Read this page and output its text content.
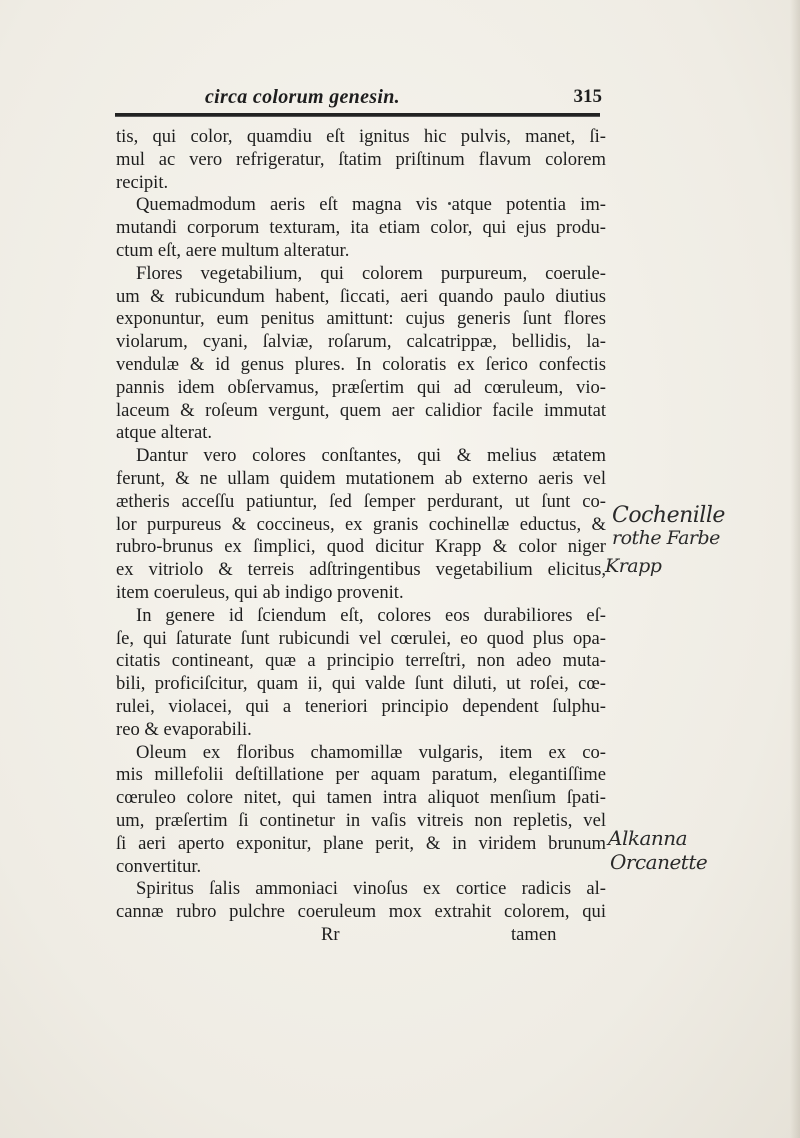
circa colorum genesin.	315
tis, qui color, quamdiu eſt ignitus hic pulvis, manet, ſi-
mul ac vero refrigeratur, ſtatim priſtinum flavum colorem
recipit.
Quemadmodum aeris eſt magna vis atque potentia im-
mutandi corporum texturam, ita etiam color, qui ejus produ-
ctum eſt, aere multum alteratur.
Flores vegetabilium, qui colorem purpureum, coerule-
um & rubicundum habent, ſiccati, aeri quando paulo diutius
exponuntur, eum penitus amittunt: cujus generis ſunt flores
violarum, cyani, ſalviæ, roſarum, calcatrippæ, bellidis, la-
vendulæ & id genus plures. In coloratis ex ſerico confectis
pannis idem obſervamus, præſertim qui ad cœruleum, vio-
laceum & roſeum vergunt, quem aer calidior facile immutat
atque alterat.
Dantur vero colores conſtantes, qui & melius ætatem
ferunt, & ne ullam quidem mutationem ab externo aeris vel
ætheris acceſſu patiuntur, ſed ſemper perdurant, ut ſunt co-
lor purpureus & coccineus, ex granis cochinellæ eductus, &
rubro-brunus ex ſimplici, quod dicitur Krapp & color niger
ex vitriolo & terreis adſtringentibus vegetabilium elicitus,
item coeruleus, qui ab indigo provenit.
In genere id ſciendum eſt, colores eos durabiliores eſ-
ſe, qui ſaturate ſunt rubicundi vel cœrulei, eo quod plus opa-
citatis contineant, quæ a principio terreſtri, non adeo muta-
bili, proficiſcitur, quam ii, qui valde ſunt diluti, ut roſei, cœ-
rulei, violacei, qui a teneriori principio dependent ſulphu-
reo & evaporabili.
Oleum ex floribus chamomillæ vulgaris, item ex co-
mis millefolii deſtillatione per aquam paratum, elegantiſſime
cœruleo colore nitet, qui tamen intra aliquot menſium ſpati-
um, præſertim ſi continetur in vaſis vitreis non repletis, vel
ſi aeri aperto exponitur, plane perit, & in viridem brunum
convertitur.
Spiritus ſalis ammoniaci vinoſus ex cortice radicis al-
cannæ rubro pulchre coeruleum mox extrahit colorem, qui
Rr	tamen
Cochenille
rothe Farbe
Krapp
Alkanna
Orcanette
